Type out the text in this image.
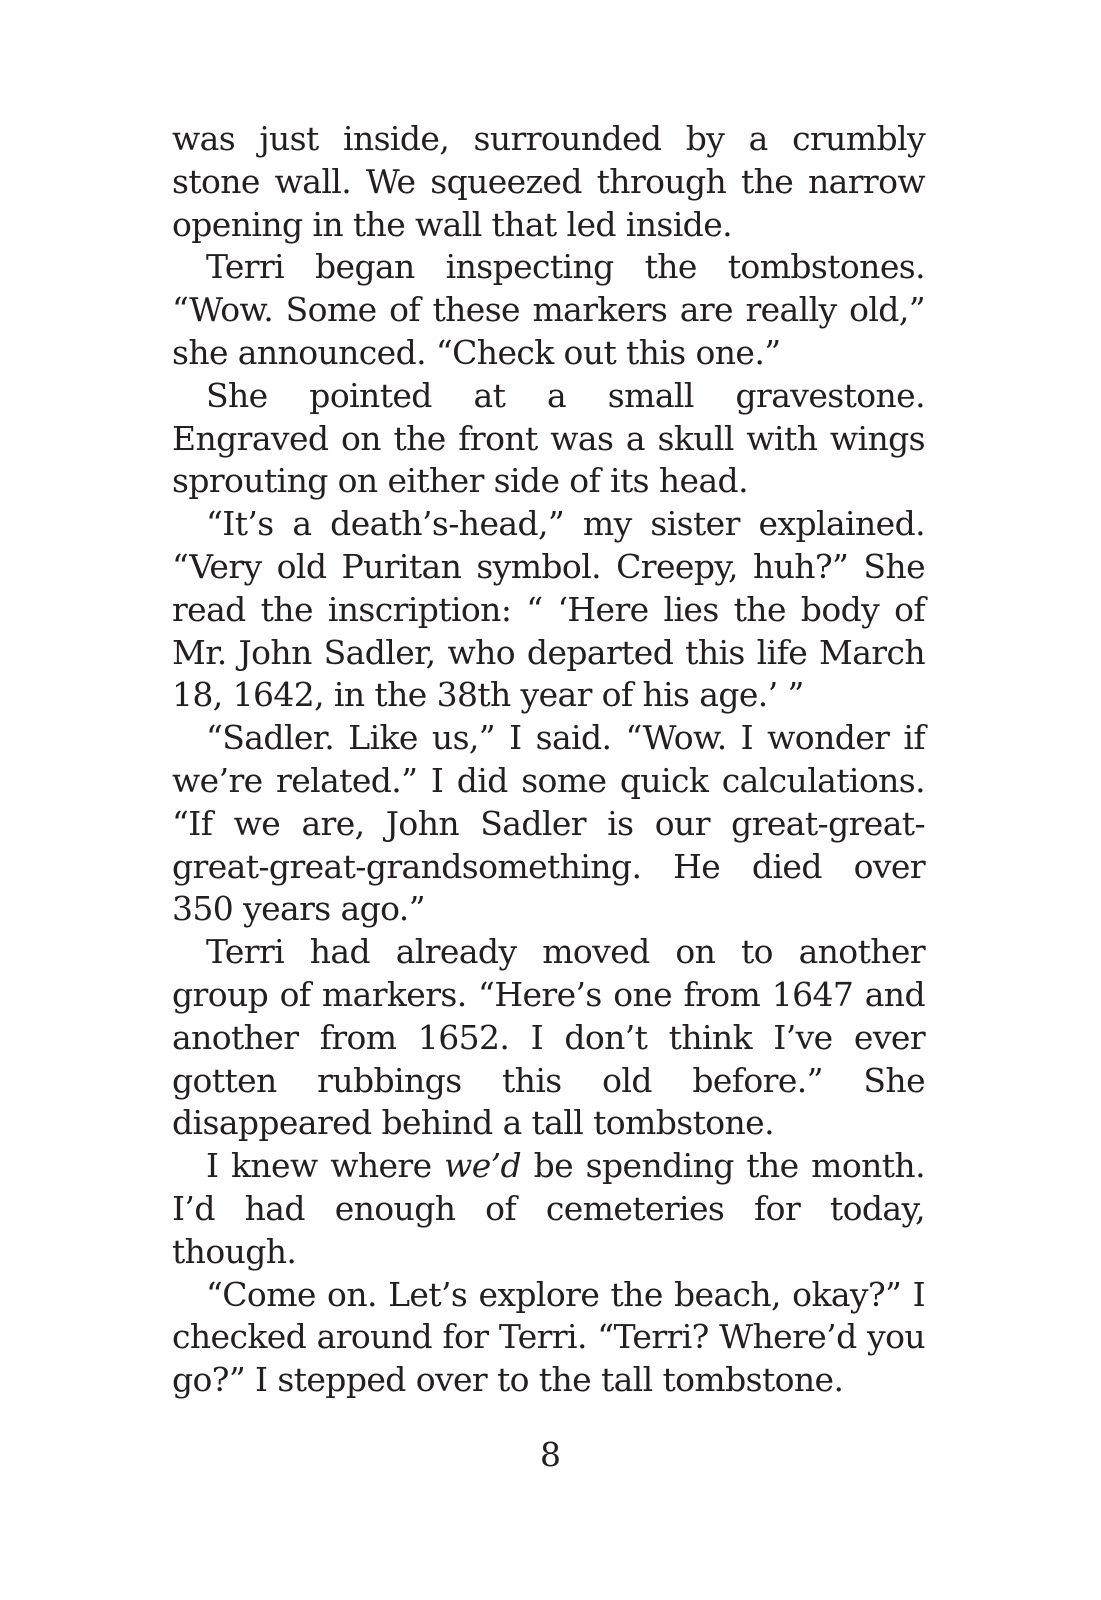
was just inside, surrounded by a crumbly stone wall. We squeezed through the narrow opening in the wall that led inside.

Terri began inspecting the tombstones. “Wow. Some of these markers are really old,” she announced. “Check out this one.”

She pointed at a small gravestone. Engraved on the front was a skull with wings sprouting on either side of its head.

“It’s a death’s-head,” my sister explained. “Very old Puritan symbol. Creepy, huh?” She read the inscription: “ ‘Here lies the body of Mr. John Sadler, who departed this life March 18, 1642, in the 38th year of his age.’ ”

“Sadler. Like us,” I said. “Wow. I wonder if we’re related.” I did some quick calculations. “If we are, John Sadler is our great-great-great-great-grandsomething. He died over 350 years ago.”

Terri had already moved on to another group of markers. “Here’s one from 1647 and another from 1652. I don’t think I’ve ever gotten rubbings this old before.” She disappeared behind a tall tombstone.

I knew where we’d be spending the month. I’d had enough of cemeteries for today, though.

“Come on. Let’s explore the beach, okay?” I checked around for Terri. “Terri? Where’d you go?” I stepped over to the tall tombstone.

8
